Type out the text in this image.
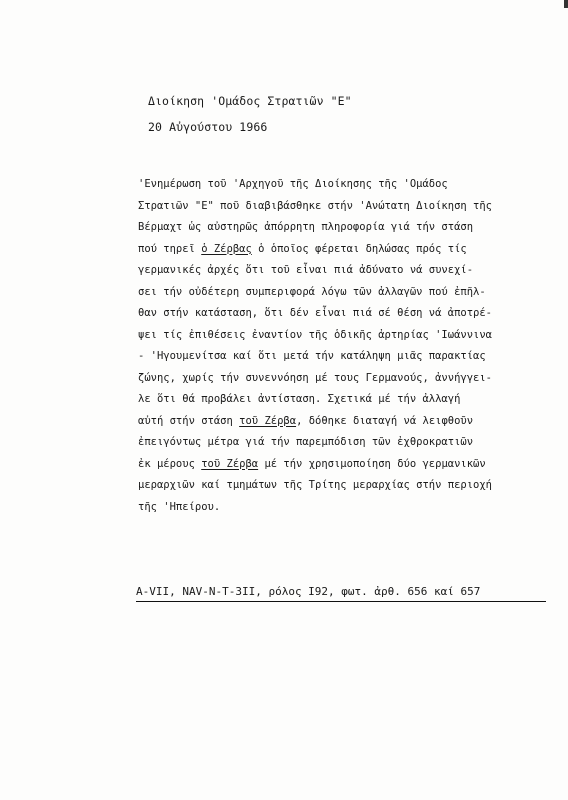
Διοίκηση 'Ομάδος Στρατιῶν "Ε"
20 Αὐγούστου 1966
'Ενημέρωση τοῦ 'Αρχηγοῦ τῆς Διοίκησης τῆς 'Ομάδος
Στρατιῶν "Ε" ποῦ διαβιβάσθηκε στήν 'Ανώτατη Διοίκηση τῆς
Βέρμαχτ ὡς αὐστηρῶς ἀπόρρητη πληροφορία γιά τήν στάση
πού τηρεῖ ὁ Ζέρβας ὁ ὁποῖος φέρεται δηλώσας πρός τίς
γερμανικές ἀρχές ὅτι τοῦ εἶναι πιά ἀδύνατο νά συνεχί-
σει τήν οὐδέτερη συμπεριφορά λόγω τῶν ἀλλαγῶν πού ἐπῆλ-
θαν στήν κατάσταση, ὅτι δέν εἶναι πιά σέ θέση νά ἀποτρέ-
ψει τίς ἐπιθέσεις ἐναντίον τῆς ὁδικῆς ἀρτηρίας 'Ιωάννινα
- 'Ηγουμενίτσα καί ὅτι μετά τήν κατάληψη μιᾶς παρακτίας
ζώνης, χωρίς τήν συνεννόηση μέ τους Γερμανούς, ἀννήγγει-
λε ὅτι θά προβάλει ἀντίσταση. Σχετικά μέ τήν ἀλλαγή
αὐτή στήν στάση τοῦ Ζέρβα, δόθηκε διαταγή νά λειφθοῦν
ἐπειγόντως μέτρα γιά τήν παρεμπόδιση τῶν ἐχθροκρατιῶν
ἐκ μέρους τοῦ Ζέρβα μέ τήν χρησιμοποίηση δύο γερμανικῶν
μεραρχιῶν καί τμημάτων τῆς Τρίτης μεραρχίας στήν περιοχή
τῆς 'Ηπείρου.
A-VII, NAV-N-T-3II, ρόλος I92, φωτ. ἀρθ. 656 καί 657
